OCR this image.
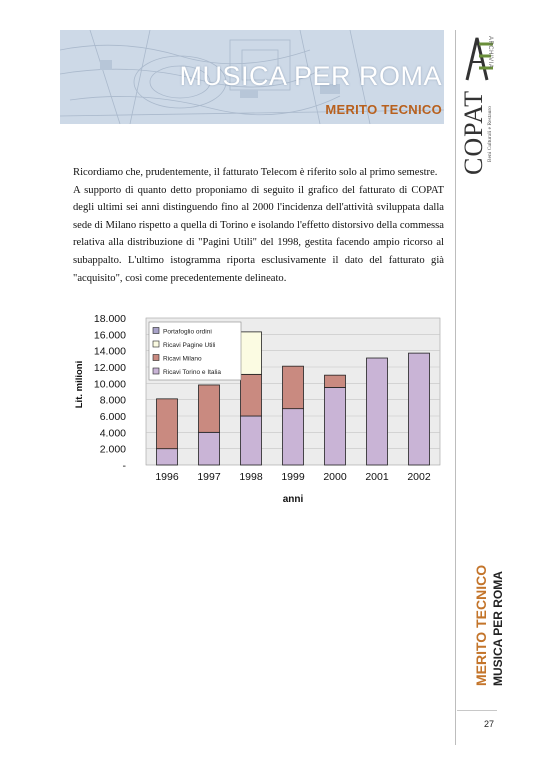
MUSICA PER ROMA
MERITO TECNICO
ARCHIVIA
COPAT Beni Culturali e Restauro

Ricordiamo che, prudentemente, il fatturato Telecom è riferito solo al primo semestre.

A supporto di quanto detto proponiamo di seguito il grafico del fatturato di COPAT degli ultimi sei anni distinguendo fino al 2000 l'incidenza dell'attività sviluppata dalla sede di Milano rispetto a quella di Torino e isolando l'effetto distorsivo della commessa relativa alla distribuzione di "Pagini Utili" del 1998, gestita facendo ampio ricorso al subappalto. L'ultimo istogramma riporta esclusivamente il dato del fatturato già "acquisito", così come precedentemente delineato.

-
2.000
4.000
6.000
8.000
10.000
12.000
14.000
16.000
18.000
Lit. milioni
1996 1997 1998 1999 2000 2001 2002
anni
Portafoglio ordini
Ricavi Pagine Utili
Ricavi Milano
Ricavi Torino e Italia
MERITO TECNICO MUSICA PER ROMA
27
